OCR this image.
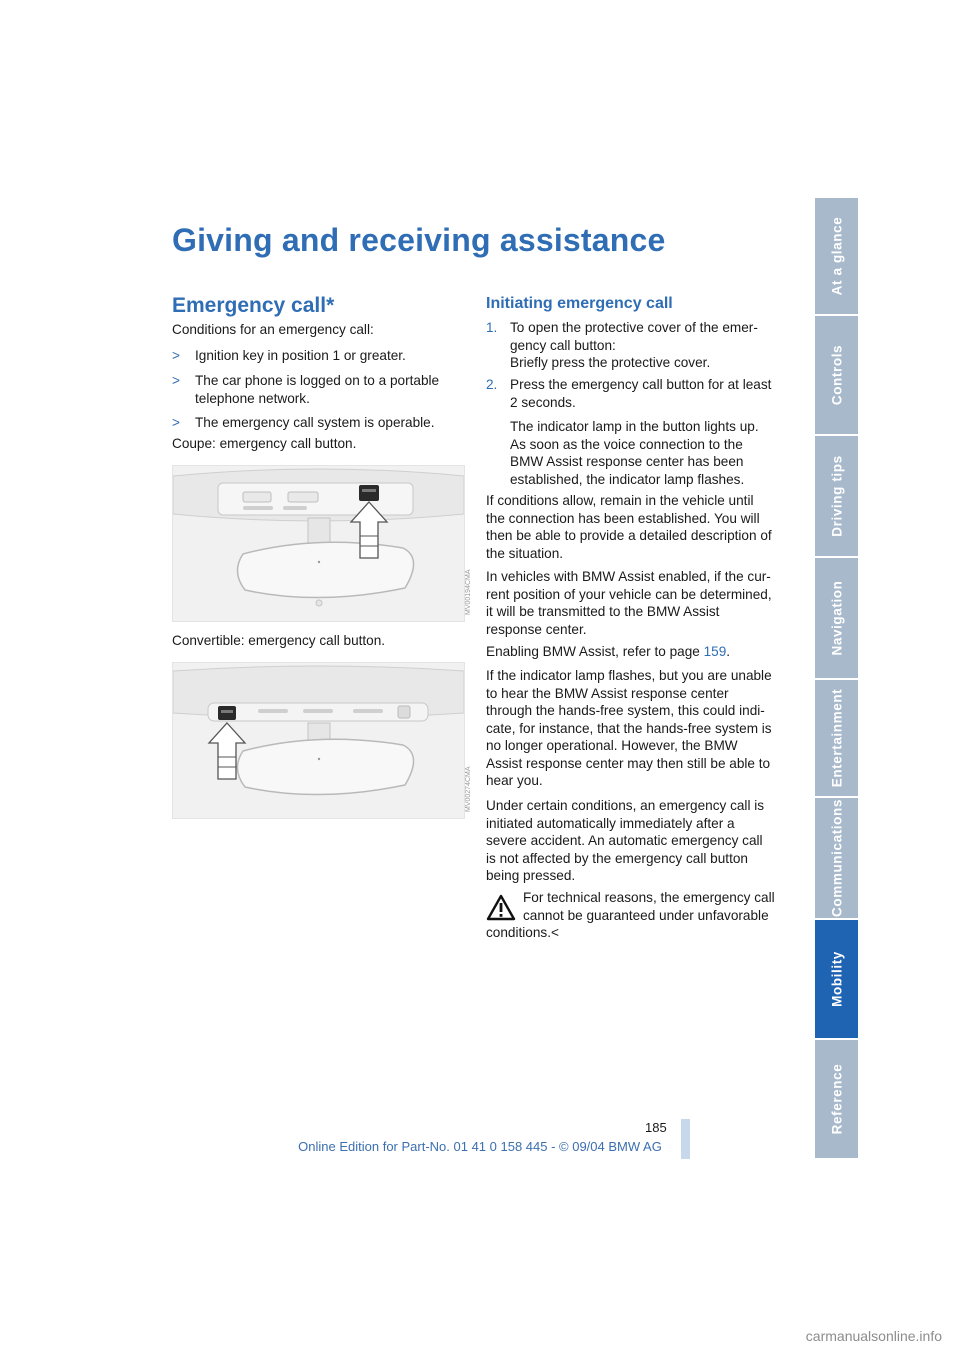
Giving and receiving assistance
Emergency call*

Conditions for an emergency call:

> Ignition key in position 1 or greater.
> The car phone is logged on to a portable
telephone network.
> The emergency call system is operable.

Coupe: emergency call button.

MV00194CMA

Convertible: emergency call button.

MV00274CMA
Initiating emergency call
1. To open the protective cover of the emer-
gency call button:
Briefly press the protective cover.
2. Press the emergency call button for at least
2 seconds.
The indicator lamp in the button lights up.
As soon as the voice connection to the
BMW Assist response center has been
established, the indicator lamp flashes.
If conditions allow, remain in the vehicle until
the connection has been established. You will
then be able to provide a detailed description of
the situation.
In vehicles with BMW Assist enabled, if the cur-
rent position of your vehicle can be determined,
it will be transmitted to the BMW Assist
response center.

Enabling BMW Assist, refer to page 159.

If the indicator lamp flashes, but you are unable
to hear the BMW Assist response center
through the hands-free system, this could indi-
cate, for instance, that the hands-free system is
no longer operational. However, the BMW
Assist response center may then still be able to
hear you.
Under certain conditions, an emergency call is
initiated automatically immediately after a
severe accident. An automatic emergency call
is not affected by the emergency call button
being pressed.
For technical reasons, the emergency call
cannot be guaranteed under unfavorable
conditions.<
At a glance
Controls
Driving tips
Navigation
Entertainment
Communications
Mobility
Reference
185
Online Edition for Part-No. 01 41 0 158 445 - © 09/04 BMW AG
carmanualsonline.info
